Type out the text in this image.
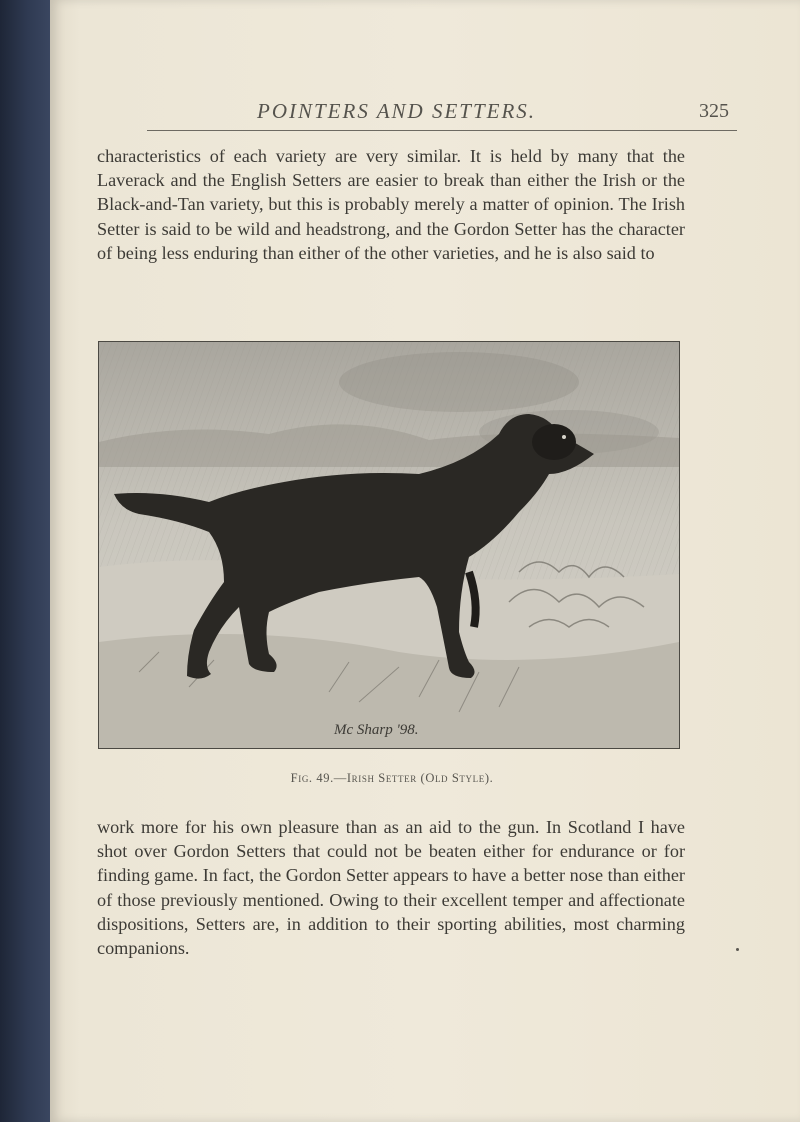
POINTERS AND SETTERS.	325

characteristics of each variety are very similar. It is held by many that the Laverack and the English Setters are easier to break than either the Irish or the Black-and-Tan variety, but this is probably merely a matter of opinion. The Irish Setter is said to be wild and headstrong, and the Gordon Setter has the character of being less enduring than either of the other varieties, and he is also said to

Mc Sharp '98.
Fig. 49.—Irish Setter (Old Style).

work more for his own pleasure than as an aid to the gun. In Scotland I have shot over Gordon Setters that could not be beaten either for endurance or for finding game. In fact, the Gordon Setter appears to have a better nose than either of those previously mentioned. Owing to their excellent temper and affectionate dispositions, Setters are, in addition to their sporting abilities, most charming companions.
